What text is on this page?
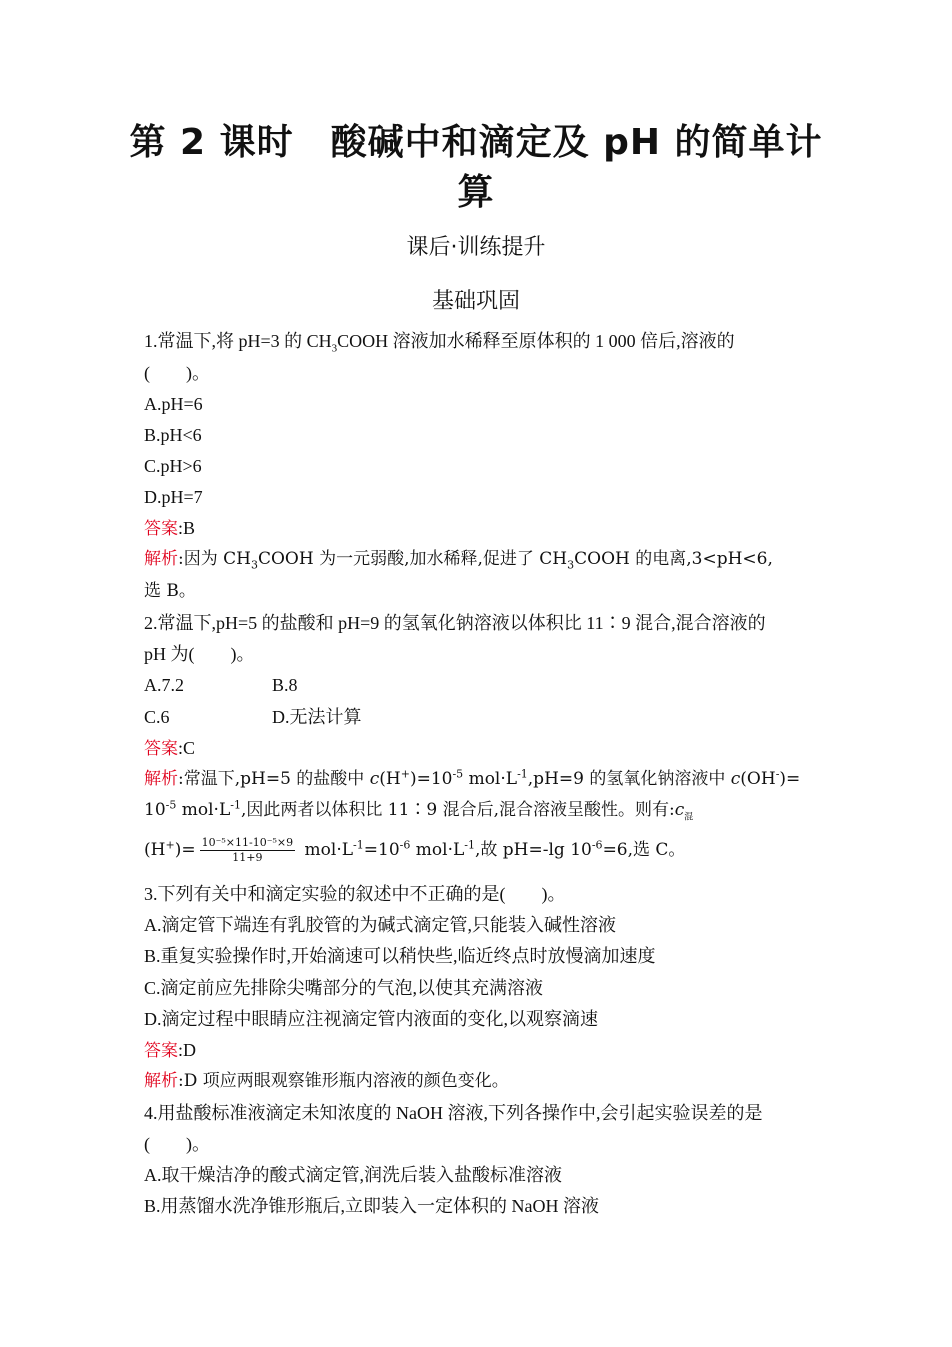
第 2 课时　酸碱中和滴定及 pH 的简单计
算
课后·训练提升
基础巩固
1.常温下,将 pH=3 的 $CH_3COOH$ 溶液加水稀释至原体积的 1 000 倍后,溶液的
(　　)。
A.pH=6
B.pH<6
C.pH>6
D.pH=7
答案:B
解析:因为 $CH_3COOH$ 为一元弱酸,加水稀释,促进了 $CH_3COOH$ 的电离,3<pH<6,
选 B。
2.常温下,pH=5 的盐酸和 pH=9 的氢氧化钠溶液以体积比 11∶9 混合,混合溶液的
pH 为(　　)。
A.7.2	B.8
C.6	D.无法计算
答案:C
解析:常温下,pH=5 的盐酸中 $c(H^+)=10^{-5}$ $mol\cdot L^{-1},pH=9$ 的氢氧化钠溶液中 c(OH-)=
$10^{-5}$ $mol\cdot L^{-1}$,因此两者以体积比 11∶9 混合后,混合溶液呈酸性。则有$:c_混$
$(H^+)= \frac{\text{10⁻⁵×11-10⁻⁵×9}}{11+9} mol\cdot L^{-1}=10^{-6}$ $mol\cdot L^{-1}$,故 pH=-lg $10^{-6}=6$,选 C。
3.下列有关中和滴定实验的叙述中不正确的是(　　)。
A.滴定管下端连有乳胶管的为碱式滴定管,只能装入碱性溶液
B.重复实验操作时,开始滴速可以稍快些,临近终点时放慢滴加速度
C.滴定前应先排除尖嘴部分的气泡,以使其充满溶液
D.滴定过程中眼睛应注视滴定管内液面的变化,以观察滴速
答案:D
解析:D 项应两眼观察锥形瓶内溶液的颜色变化。
4.用盐酸标准液滴定未知浓度的 NaOH 溶液,下列各操作中,会引起实验误差的是
(　　)。
A.取干燥洁净的酸式滴定管,润洗后装入盐酸标准溶液
B.用蒸馏水洗净锥形瓶后,立即装入一定体积的 NaOH 溶液
